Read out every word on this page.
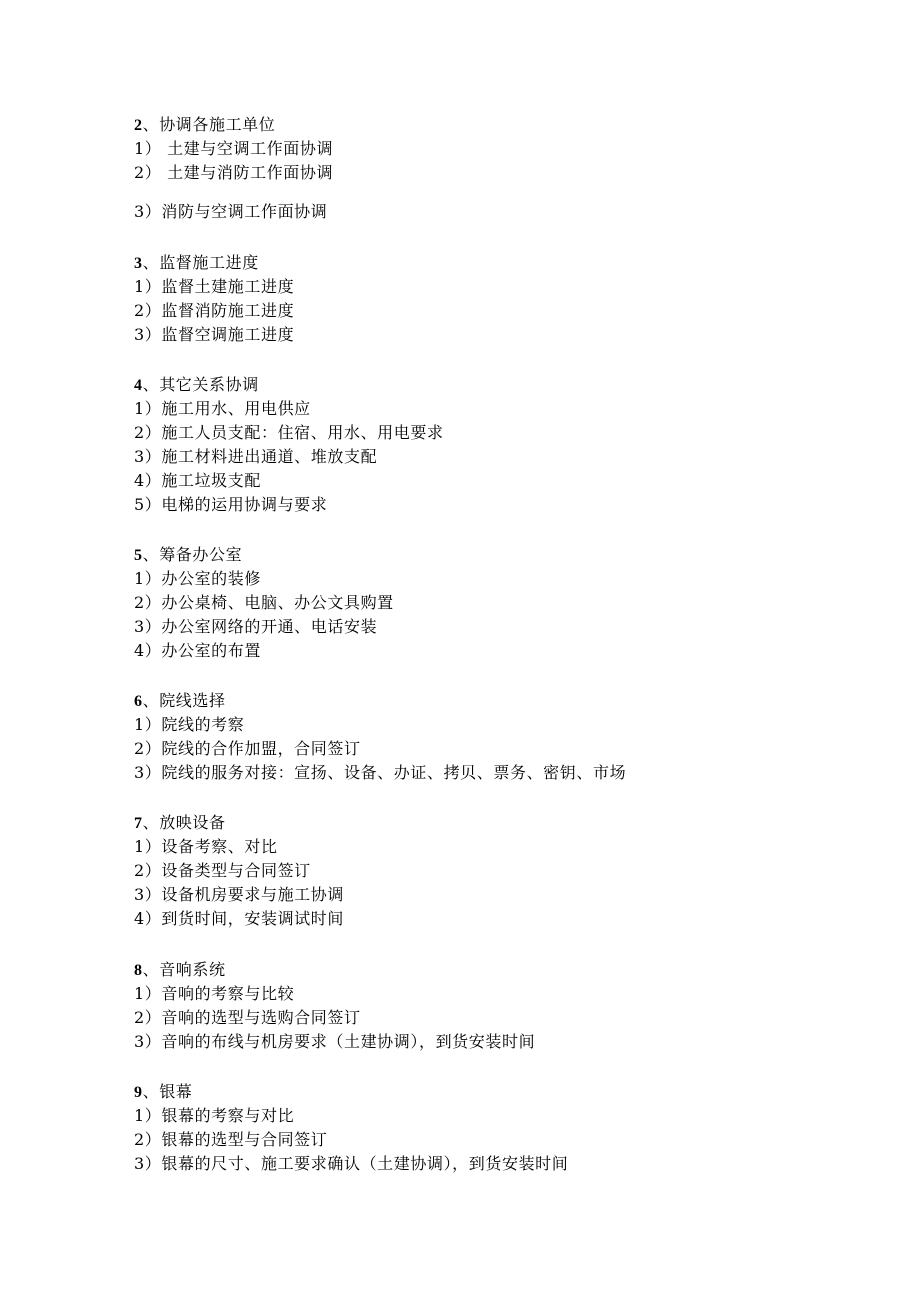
2、协调各施工单位
1） 土建与空调工作面协调
2） 土建与消防工作面协调
3）消防与空调工作面协调
3、监督施工进度
1）监督土建施工进度
2）监督消防施工进度
3）监督空调施工进度
4、其它关系协调
1）施工用水、用电供应
2）施工人员支配：住宿、用水、用电要求
3）施工材料进出通道、堆放支配
4）施工垃圾支配
5）电梯的运用协调与要求
5、筹备办公室
1）办公室的装修
2）办公桌椅、电脑、办公文具购置
3）办公室网络的开通、电话安装
4）办公室的布置
6、院线选择
1）院线的考察
2）院线的合作加盟，合同签订
3）院线的服务对接：宣扬、设备、办证、拷贝、票务、密钥、市场
7、放映设备
1）设备考察、对比
2）设备类型与合同签订
3）设备机房要求与施工协调
4）到货时间，安装调试时间
8、音响系统
1）音响的考察与比较
2）音响的选型与选购合同签订
3）音响的布线与机房要求（土建协调），到货安装时间
9、银幕
1）银幕的考察与对比
2）银幕的选型与合同签订
3）银幕的尺寸、施工要求确认（土建协调），到货安装时间
